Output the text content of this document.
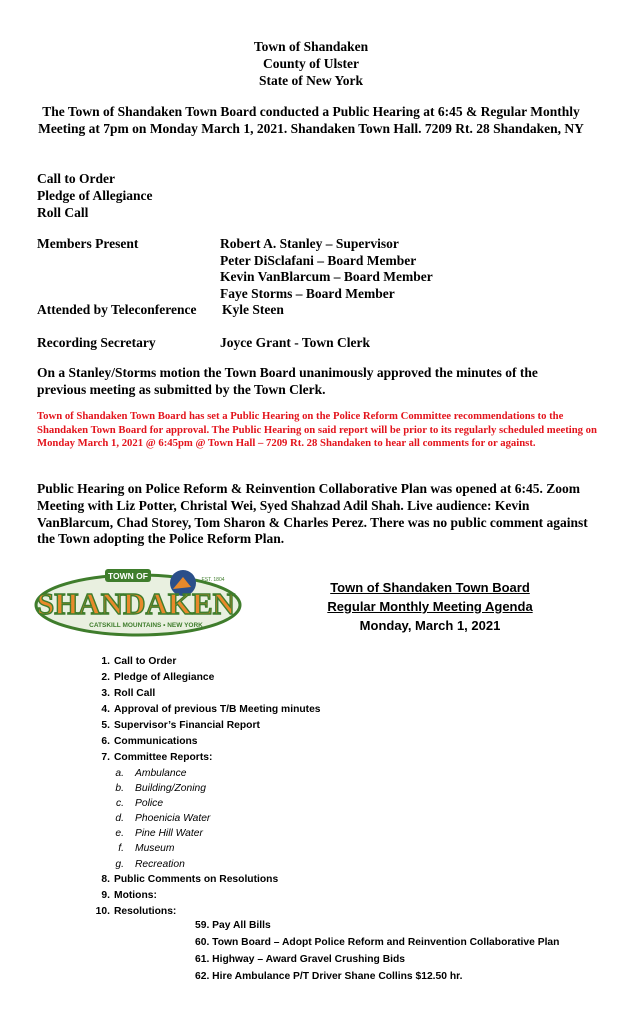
Town of Shandaken
County of Ulster
State of New York
The Town of Shandaken Town Board conducted a Public Hearing at 6:45 & Regular Monthly Meeting at 7pm on Monday March 1, 2021. Shandaken Town Hall. 7209 Rt. 28 Shandaken, NY
Call to Order
Pledge of Allegiance
Roll Call
Members Present	Robert A. Stanley – Supervisor
Peter DiSclafani – Board Member
Kevin VanBlarcum – Board Member
Faye Storms – Board Member
Attended by Teleconference Kyle Steen
Recording Secretary	Joyce Grant - Town Clerk
On a Stanley/Storms motion the Town Board unanimously approved the minutes of the previous meeting as submitted by the Town Clerk.
Town of Shandaken Town Board has set a Public Hearing on the Police Reform Committee recommendations to the Shandaken Town Board for approval. The Public Hearing on said report will be prior to its regularly scheduled meeting on Monday March 1, 2021 @ 6:45pm @ Town Hall – 7209 Rt. 28 Shandaken to hear all comments for or against.
Public Hearing on Police Reform & Reinvention Collaborative Plan was opened at 6:45. Zoom Meeting with Liz Potter, Christal Wei, Syed Shahzad Adil Shah. Live audience: Kevin VanBlarcum, Chad Storey, Tom Sharon & Charles Perez. There was no public comment against the Town adopting the Police Reform Plan.
TOWN OF	EST. 1804
SHANDAKEN
CATSKILL MOUNTAINS • NEW YORK
Town of Shandaken Town Board
Regular Monthly Meeting Agenda
Monday, March 1, 2021
1. Call to Order
2. Pledge of Allegiance
3. Roll Call
4. Approval of previous T/B Meeting minutes
5. Supervisor’s Financial Report
6. Communications
7. Committee Reports:
a.	Ambulance
b.	Building/Zoning
c.	Police
d.	Phoenicia Water
e.	Pine Hill Water
f.	Museum
g.	Recreation
8. Public Comments on Resolutions
9. Motions:
10. Resolutions:
59. Pay All Bills
60. Town Board – Adopt Police Reform and Reinvention Collaborative Plan
61. Highway – Award Gravel Crushing Bids
62. Hire Ambulance P/T Driver Shane Collins $12.50 hr.
